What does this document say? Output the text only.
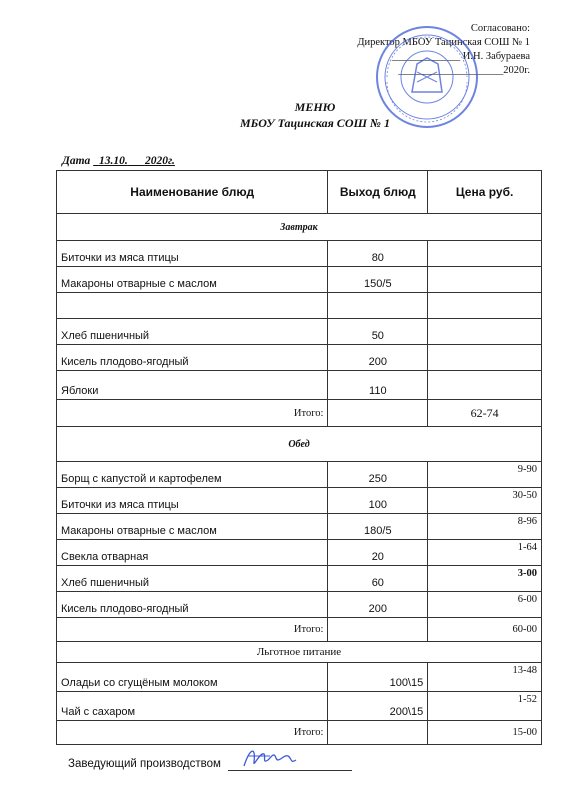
Согласовано:
Директор МБОУ Тацинская СОШ № 1
_____________ И.Н. Забураева
____________________2020г.
МЕНЮ
МБОУ Тацинская СОШ № 1
Дата 13.10. 2020г.
Наименование блюд	Выход блюд	Цена руб.
Завтрак		
Биточки из мяса птицы	80	
Макароны отварные с маслом	150/5	

Хлеб пшеничный	50	
Кисель плодово-ягодный	200	
Яблоки	110	
Итого:		62-74
Обед		
Борщ с капустой и картофелем	250	9-90
Биточки из мяса птицы	100	30-50
Макароны отварные с маслом	180/5	8-96
Свекла отварная	20	1-64
Хлеб пшеничный	60	3-00
Кисель плодово-ягодный	200	6-00
Итого:		60-00
Льготное питание		
Оладьи со сгущёным молоком	100\15	13-48
Чай с сахаром	200\15	1-52
Итого:		15-00
Заведующий производством
